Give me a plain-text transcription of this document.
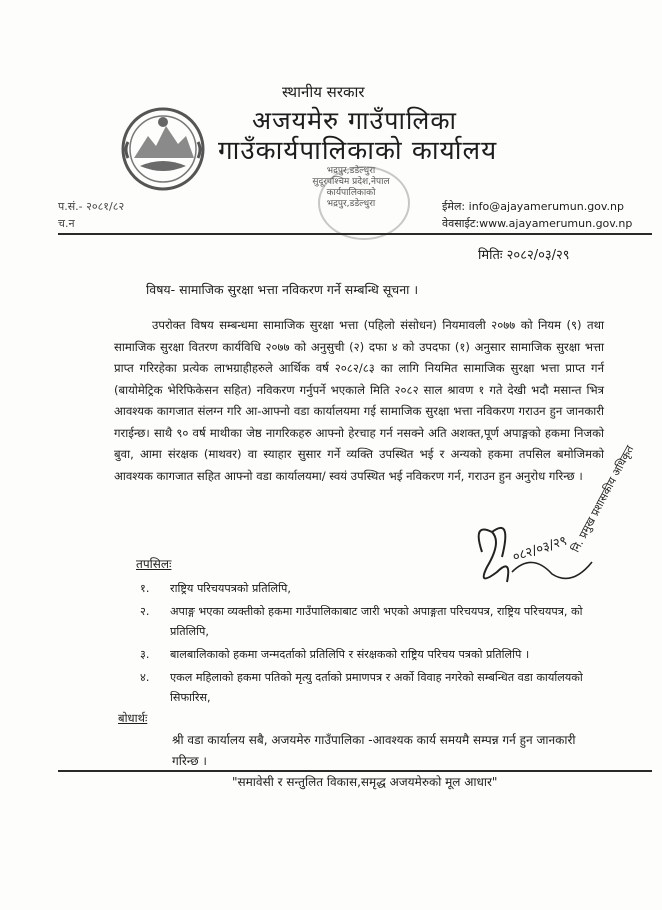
स्थानीय सरकार
अजयमेरु गाउँपालिका
गाउँकार्यपालिकाको कार्यालय
भद्रपुर,डडेल्धुरा
सुदूरपश्चिम प्रदेश,नेपाल
कार्यपालिकाको
भद्रपुर,डडेल्धुरा
प.सं.- २०८१/८२
च.न
ईमेल: info@ajayamerumun.gov.np
वेवसाईट:www.ajayamerumun.gov.np
मितिः २०८२/०३/२९
विषय- सामाजिक सुरक्षा भत्ता नविकरण गर्ने सम्बन्धि सूचना ।
उपरोक्त विषय सम्बन्धमा सामाजिक सुरक्षा भत्ता (पहिलो संसोधन) नियमावली २०७७ को नियम (९) तथा सामाजिक सुरक्षा वितरण कार्यविधि २०७७ को अनुसुची (२) दफा ४ को उपदफा (१) अनुसार सामाजिक सुरक्षा भत्ता प्राप्त गरिरहेका प्रत्येक लाभग्राहीहरुले आर्थिक वर्ष २०८२/८३ का लागि नियमित सामाजिक सुरक्षा भत्ता प्राप्त गर्न (बायोमेट्रिक भेरिफिकेसन सहित) नविकरण गर्नुपर्ने भएकाले मिति २०८२ साल श्रावण १ गते देखी भदौ मसान्त भित्र आवश्यक कागजात संलग्न गरि आ-आफ्नो वडा कार्यालयमा गई सामाजिक सुरक्षा भत्ता नविकरण गराउन हुन जानकारी गराईन्छ। साथै ९० वर्ष माथीका जेष्ठ नागरिकहरु आफ्नो हेरचाह गर्न नसक्ने अति अशक्त,पूर्ण अपाङ्गको हकमा निजको बुवा, आमा संरक्षक (माथवर) वा स्याहार सुसार गर्ने व्यक्ति उपस्थित भई र अन्यको हकमा तपसिल बमोजिमको आवश्यक कागजात सहित आफ्नो वडा कार्यालयमा/ स्वयं उपस्थित भई नविकरण गर्न, गराउन हुन अनुरोध गरिन्छ ।
०८२/०३/२९ नि. प्रमुख प्रशासकीय अधिकृत
तपसिलः
१.	राष्ट्रिय परिचयपत्रको प्रतिलिपि,
२.	अपाङ्ग भएका व्यक्तीको हकमा गाउँपालिकाबाट जारी भएको अपाङ्गता परिचयपत्र, राष्ट्रिय परिचयपत्र, को प्रतिलिपि,
३.	बालबालिकाको हकमा जन्मदर्ताको प्रतिलिपि र संरक्षकको राष्ट्रिय परिचय पत्रको प्रतिलिपि ।
४.	एकल महिलाको हकमा पतिको मृत्यु दर्ताको प्रमाणपत्र र अर्को विवाह नगरेको सम्बन्धित वडा कार्यालयको सिफारिस,
बोधार्थः
श्री वडा कार्यालय सबै, अजयमेरु गाउँपालिका -आवश्यक कार्य समयमै सम्पन्न गर्न हुन जानकारी गरिन्छ ।
"समावेसी र सन्तुलित विकास,समृद्ध अजयमेरुको मूल आधार"
